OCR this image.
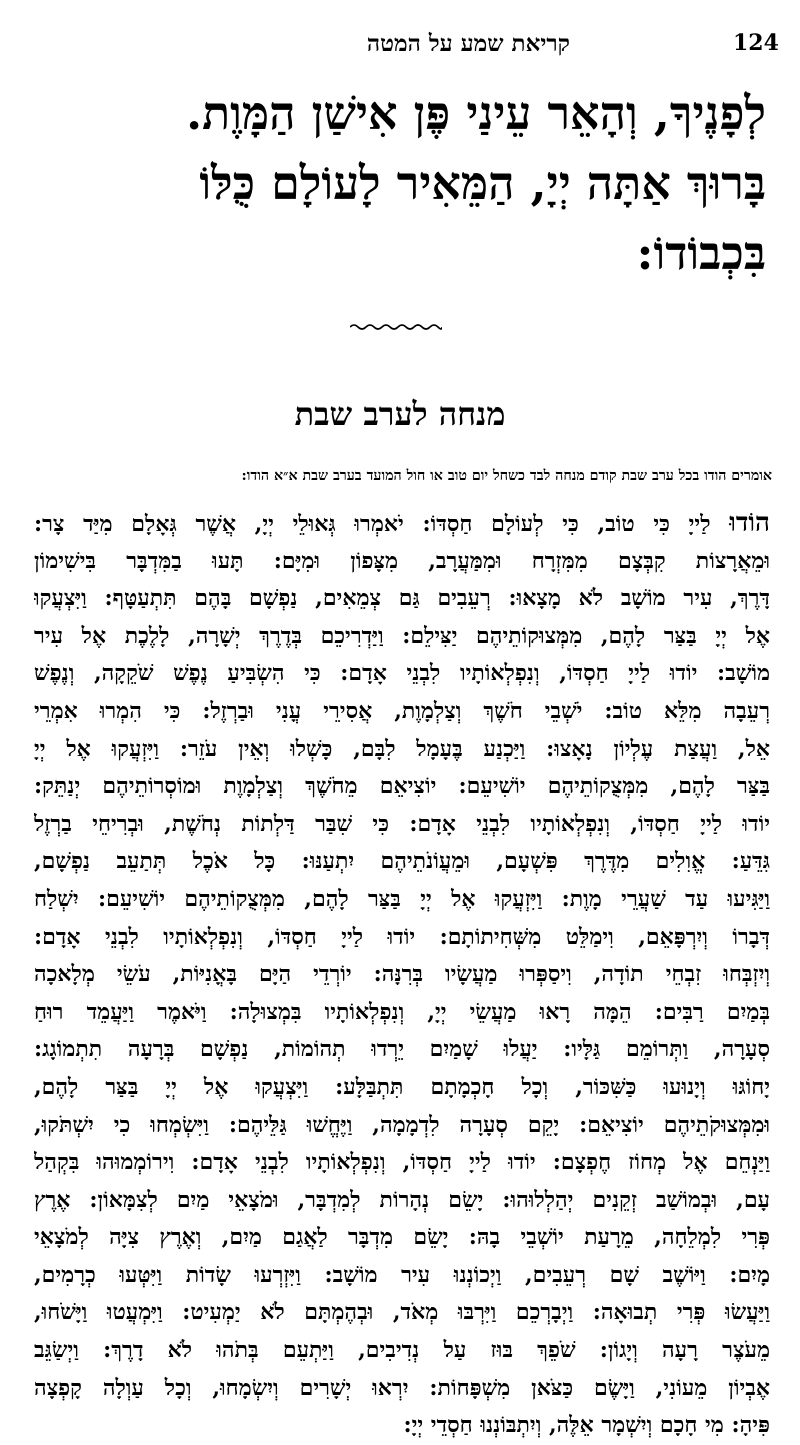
קריאת שמע על המטה	124
לְפָנֶיךָ, וְהָאֵר עֵינַי פֶּן אִישַׁן הַמָּוֶת.
בָּרוּךְ אַתָּה יְיָ, הַמֵּאִיר לָעוֹלָם כֻּלּוֹ
בִּכְבוֹדוֹ:
מנחה לערב שבת
אומרים הודו בכל ערב שבת קודם מנחה לבד כשחל יום טוב או חול המועד בערב שבת א״א הודו:
הוֹדוּ לַייָ כִּי טוֹב, כִּי לְעוֹלָם חַסְדּוֹ: יֹאמְרוּ גְּאוּלֵי יְיָ, אֲשֶׁר גְּאָלָם מִיַּד צָר:
וּמֵאֲרָצוֹת קִבְּצָם מִמִּזְרָח וּמִמַּעֲרָב, מִצָּפוֹן וּמִיָּם: תָּעוּ בַמִּדְבָּר בִּישִׁימוֹן
דָּרֶךְ, עִיר מוֹשָׁב לֹא מָצָאוּ: רְעֵבִים גַּם צְמֵאִים, נַפְשָׁם בָּהֶם תִּתְעַטָּף: וַיִּצְעֲקוּ
אֶל יְיָ בַּצַּר לָהֶם, מִמְּצוּקוֹתֵיהֶם יַצִּילֵם: וַיַּדְרִיכֵם בְּדֶרֶךְ יְשָׁרָה, לָלֶכֶת אֶל עִיר
מוֹשָׁב: יוֹדוּ לַייָ חַסְדּוֹ, וְנִפְלְאוֹתָיו לִבְנֵי אָדָם: כִּי הִשְׂבִּיעַ נֶפֶשׁ שֹׁקֵקָה, וְנֶפֶשׁ
רְעֵבָה מִלֵּא טוֹב: יֹשְׁבֵי חֹשֶׁךְ וְצַלְמָוֶת, אֲסִירֵי עֳנִי וּבַרְזֶל: כִּי הִמְרוּ אִמְרֵי
אֵל, וַעֲצַת עֶלְיוֹן נָאָצוּ: וַיַּכְנַע בֶּעָמָל לִבָּם, כָּשְׁלוּ וְאֵין עֹזֵר: וַיִּזְעֲקוּ אֶל יְיָ
בַּצַּר לָהֶם, מִמְּצֻקוֹתֵיהֶם יוֹשִׁיעֵם: יוֹצִיאֵם מֵחֹשֶׁךְ וְצַלְמָוֶת וּמוֹסְרוֹתֵיהֶם יְנַתֵּק:
יוֹדוּ לַייָ חַסְדּוֹ, וְנִפְלְאוֹתָיו לִבְנֵי אָדָם: כִּי שִׁבַּר דַּלְתוֹת נְחֹשֶׁת, וּבְרִיחֵי בַרְזֶל
גִּדֵּעַ: אֱוִלִים מִדֶּרֶךְ פִּשְׁעָם, וּמֵעֲוֹנֹתֵיהֶם יִתְעַנּוּ: כָּל אֹכֶל תְּתַעֵב נַפְשָׁם,
וַיַּגִּיעוּ עַד שַׁעֲרֵי מָוֶת: וַיִּזְעֲקוּ אֶל יְיָ בַּצַּר לָהֶם, מִמְּצֻקוֹתֵיהֶם יוֹשִׁיעֵם: יִשְׁלַח
דְּבָרוֹ וְיִרְפָּאֵם, וִימַלֵּט מִשְּׁחִיתוֹתָם: יוֹדוּ לַייָ חַסְדּוֹ, וְנִפְלְאוֹתָיו לִבְנֵי אָדָם:
וְיִזְבְּחוּ זִבְחֵי תוֹדָה, וִיסַפְּרוּ מַעֲשָׂיו בְּרִנָּה: יוֹרְדֵי הַיָּם בָּאֳנִיּוֹת, עֹשֵׂי מְלָאכָה
בְּמַיִם רַבִּים: הֵמָּה רָאוּ מַעֲשֵׂי יְיָ, וְנִפְלְאוֹתָיו בִּמְצוּלָה: וַיֹּאמֶר וַיַּעֲמֵד רוּחַ
סְעָרָה, וַתְּרוֹמֵם גַּלָּיו: יַעֲלוּ שָׁמַיִם יֵרְדוּ תְהוֹמוֹת, נַפְשָׁם בְּרָעָה תִתְמוֹגָג:
יָחוֹגּוּ וְיָנוּעוּ כַּשִּׁכּוֹר, וְכָל חָכְמָתָם תִּתְבַּלָּע: וַיִּצְעֲקוּ אֶל יְיָ בַּצַּר לָהֶם,
וּמִמְּצוּקֹתֵיהֶם יוֹצִיאֵם: יָקֵם סְעָרָה לִדְמָמָה, וַיֶּחֱשׁוּ גַּלֵּיהֶם: וַיִּשְׂמְחוּ כִי יִשְׁתֹּקוּ,
וַיַּנְחֵם אֶל מְחוֹז חֶפְצָם: יוֹדוּ לַייָ חַסְדּוֹ, וְנִפְלְאוֹתָיו לִבְנֵי אָדָם: וִירוֹמְמוּהוּ בִּקְהַל
עָם, וּבְמוֹשַׁב זְקֵנִים יְהַלְלוּהוּ: יָשֵׂם נְהָרוֹת לְמִדְבָּר, וּמֹצָאֵי מַיִם לְצִמָּאוֹן: אֶרֶץ
פְּרִי לִמְלֵחָה, מֵרָעַת יוֹשְׁבֵי בָהּ: יָשֵׂם מִדְבָּר לַאֲגַם מַיִם, וְאֶרֶץ צִיָּה לְמֹצָאֵי
מָיִם: וַיּוֹשֶׁב שָׁם רְעֵבִים, וַיְכוֹנְנוּ עִיר מוֹשָׁב: וַיִּזְרְעוּ שָׂדוֹת וַיִּטְּעוּ כְרָמִים,
וַיַּעֲשׂוּ פְּרִי תְבוּאָה: וַיְבָרְכֵם וַיִּרְבּוּ מְאֹד, וּבְהֶמְתָּם לֹא יַמְעִיט: וַיִּמְעֲטוּ וַיָּשֹׁחוּ,
מֵעֹצֶר רָעָה וְיָגוֹן: שֹׁפֵךְ בּוּז עַל נְדִיבִים, וַיַּתְעֵם בְּתֹהוּ לֹא דָרֶךְ: וַיְשַׂגֵּב
אֶבְיוֹן מֵעוֹנִי, וַיָּשֶׂם כַּצֹּאן מִשְׁפָּחוֹת: יִרְאוּ יְשָׁרִים וְיִשְׂמָחוּ, וְכָל עַוְלָה קָפְצָה
פִּיהָ: מִי חָכָם וְיִשְׁמָר אֵלֶּה, וְיִתְבּוֹנְנוּ חַסְדֵי יְיָ:
